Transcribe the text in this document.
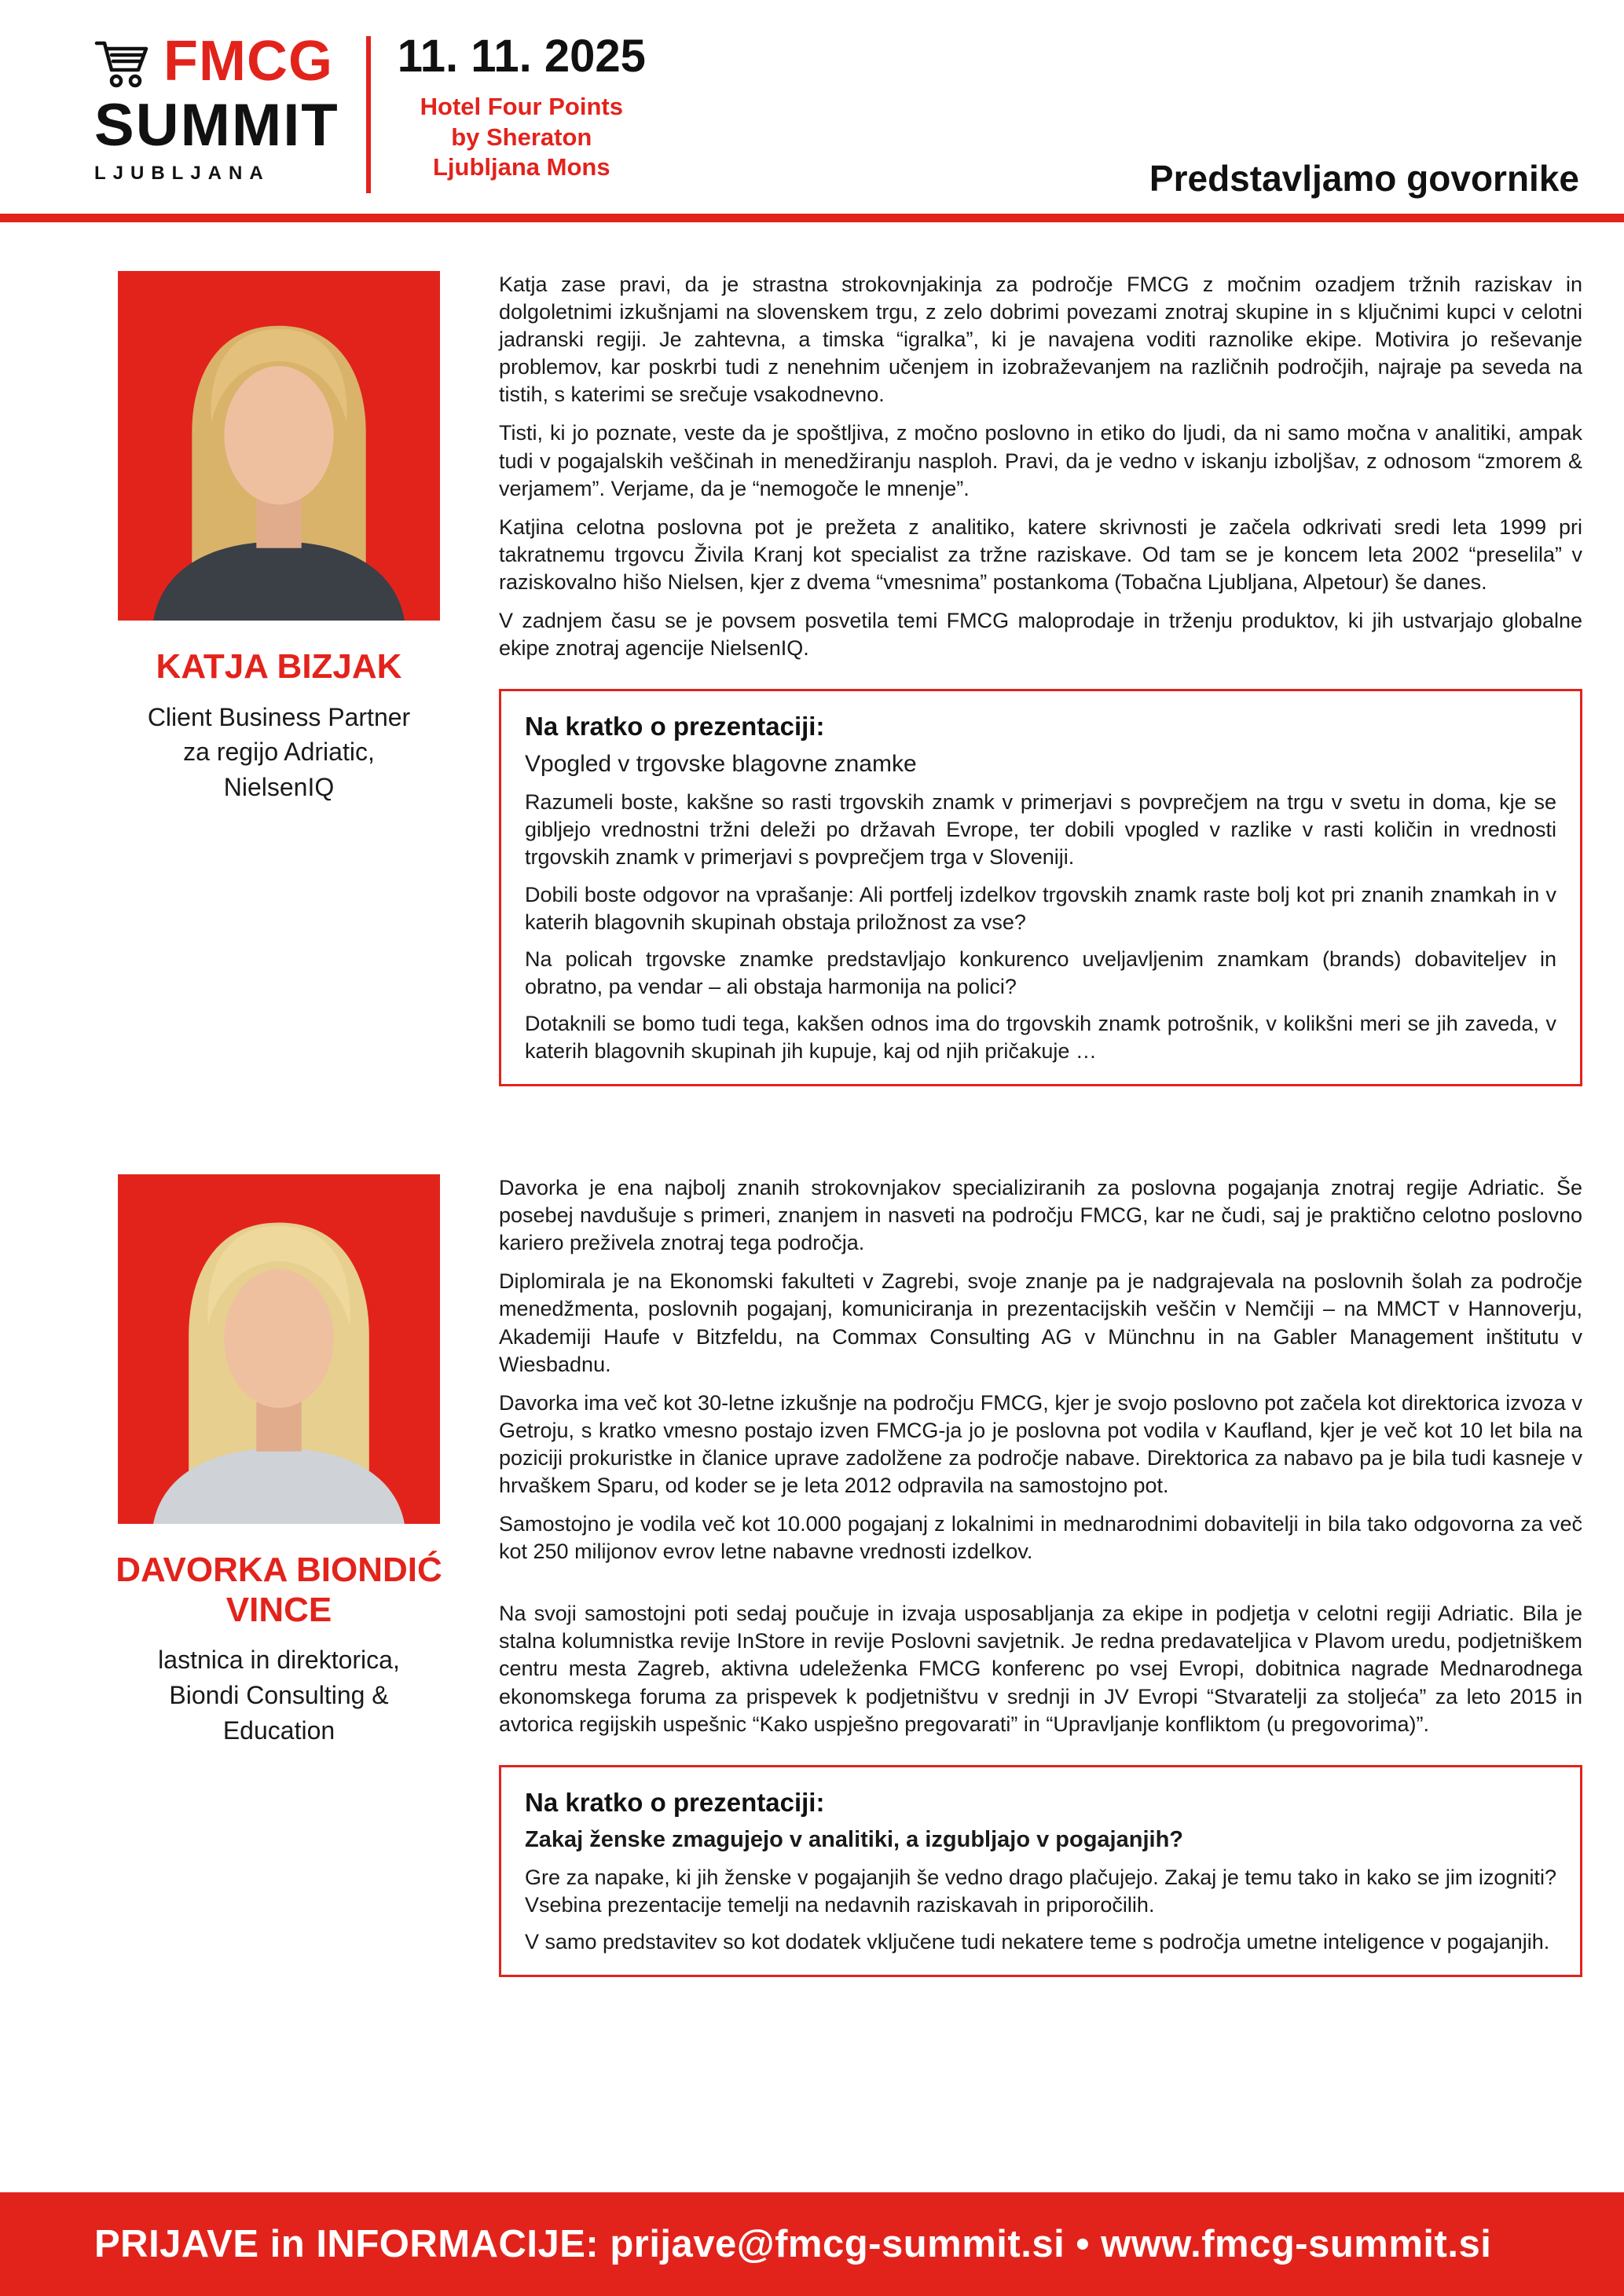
FMCG
SUMMIT
LJUBLJANA
11. 11. 2025
Hotel Four Points
by Sheraton
Ljubljana Mons	Predstavljamo govornike
KATJA BIZJAK
Client Business Partner
za regijo Adriatic,
NielsenIQ

Katja zase pravi, da je strastna strokovnjakinja za področje FMCG z močnim ozadjem tržnih raziskav in dolgoletnimi izkušnjami na slovenskem trgu, z zelo dobrimi povezami znotraj skupine in s ključnimi kupci v celotni jadranski regiji. Je zahtevna, a timska “igralka”, ki je navajena voditi raznolike ekipe. Motivira jo reševanje problemov, kar poskrbi tudi z nenehnim učenjem in izobraževanjem na različnih področjih, najraje pa seveda na tistih, s katerimi se srečuje vsakodnevno.

Tisti, ki jo poznate, veste da je spoštljiva, z močno poslovno in etiko do ljudi, da ni samo močna v analitiki, ampak tudi v pogajalskih veščinah in menedžiranju nasploh. Pravi, da je vedno v iskanju izboljšav, z odnosom “zmorem & verjamem”. Verjame, da je “nemogoče le mnenje”.

Katjina celotna poslovna pot je prežeta z analitiko, katere skrivnosti je začela odkrivati sredi leta 1999 pri takratnemu trgovcu Živila Kranj kot specialist za tržne raziskave. Od tam se je koncem leta 2002 “preselila” v raziskovalno hišo Nielsen, kjer z dvema “vmesnima” postankoma (Tobačna Ljubljana, Alpetour) še danes.

V zadnjem času se je povsem posvetila temi FMCG maloprodaje in trženju produktov, ki jih ustvarjajo globalne ekipe znotraj agencije NielsenIQ.

Na kratko o prezentaciji:
Vpogled v trgovske blagovne znamke

Razumeli boste, kakšne so rasti trgovskih znamk v primerjavi s povprečjem na trgu v svetu in doma, kje se gibljejo vrednostni tržni deleži po državah Evrope, ter dobili vpogled v razlike v rasti količin in vrednosti trgovskih znamk v primerjavi s povprečjem trga v Sloveniji.

Dobili boste odgovor na vprašanje: Ali portfelj izdelkov trgovskih znamk raste bolj kot pri znanih znamkah in v katerih blagovnih skupinah obstaja priložnost za vse?

Na policah trgovske znamke predstavljajo konkurenco uveljavljenim znamkam (brands) dobaviteljev in obratno, pa vendar – ali obstaja harmonija na polici?

Dotaknili se bomo tudi tega, kakšen odnos ima do trgovskih znamk potrošnik, v kolikšni meri se jih zaveda, v katerih blagovnih skupinah jih kupuje, kaj od njih pričakuje …

DAVORKA BIONDIĆ VINCE
lastnica in direktorica,
Biondi Consulting &
Education

Davorka je ena najbolj znanih strokovnjakov specializiranih za poslovna pogajanja znotraj regije Adriatic. Še posebej navdušuje s primeri, znanjem in nasveti na področju FMCG, kar ne čudi, saj je praktično celotno poslovno kariero preživela znotraj tega področja.

Diplomirala je na Ekonomski fakulteti v Zagrebi, svoje znanje pa je nadgrajevala na poslovnih šolah za področje menedžmenta, poslovnih pogajanj, komuniciranja in prezentacijskih veščin v Nemčiji – na MMCT v Hannoverju, Akademiji Haufe v Bitzfeldu, na Commax Consulting AG v Münchnu in na Gabler Management inštitutu v Wiesbadnu.

Davorka ima več kot 30-letne izkušnje na področju FMCG, kjer je svojo poslovno pot začela kot direktorica izvoza v Getroju, s kratko vmesno postajo izven FMCG-ja jo je poslovna pot vodila v Kaufland, kjer je več kot 10 let bila na poziciji prokuristke in članice uprave zadolžene za področje nabave. Direktorica za nabavo pa je bila tudi kasneje v hrvaškem Sparu, od koder se je leta 2012 odpravila na samostojno pot.

Samostojno je vodila več kot 10.000 pogajanj z lokalnimi in mednarodnimi dobavitelji in bila tako odgovorna za več kot 250 milijonov evrov letne nabavne vrednosti izdelkov.

Na svoji samostojni poti sedaj poučuje in izvaja usposabljanja za ekipe in podjetja v celotni regiji Adriatic. Bila je stalna kolumnistka revije InStore in revije Poslovni savjetnik. Je redna predavateljica v Plavom uredu, podjetniškem centru mesta Zagreb, aktivna udeleženka FMCG konferenc po vsej Evropi, dobitnica nagrade Mednarodnega ekonomskega foruma za prispevek k podjetništvu v srednji in JV Evropi “Stvaratelji za stoljeća” za leto 2015 in avtorica regijskih uspešnic “Kako uspješno pregovarati” in “Upravljanje konfliktom (u pregovorima)”.

Na kratko o prezentaciji:
Zakaj ženske zmagujejo v analitiki, a izgubljajo v pogajanjih?

Gre za napake, ki jih ženske v pogajanjih še vedno drago plačujejo. Zakaj je temu tako in kako se jim izogniti? Vsebina prezentacije temelji na nedavnih raziskavah in priporočilih.

V samo predstavitev so kot dodatek vključene tudi nekatere teme s področja umetne inteligence v pogajanjih.

PRIJAVE in INFORMACIJE: prijave@fmcg-summit.si • www.fmcg-summit.si
